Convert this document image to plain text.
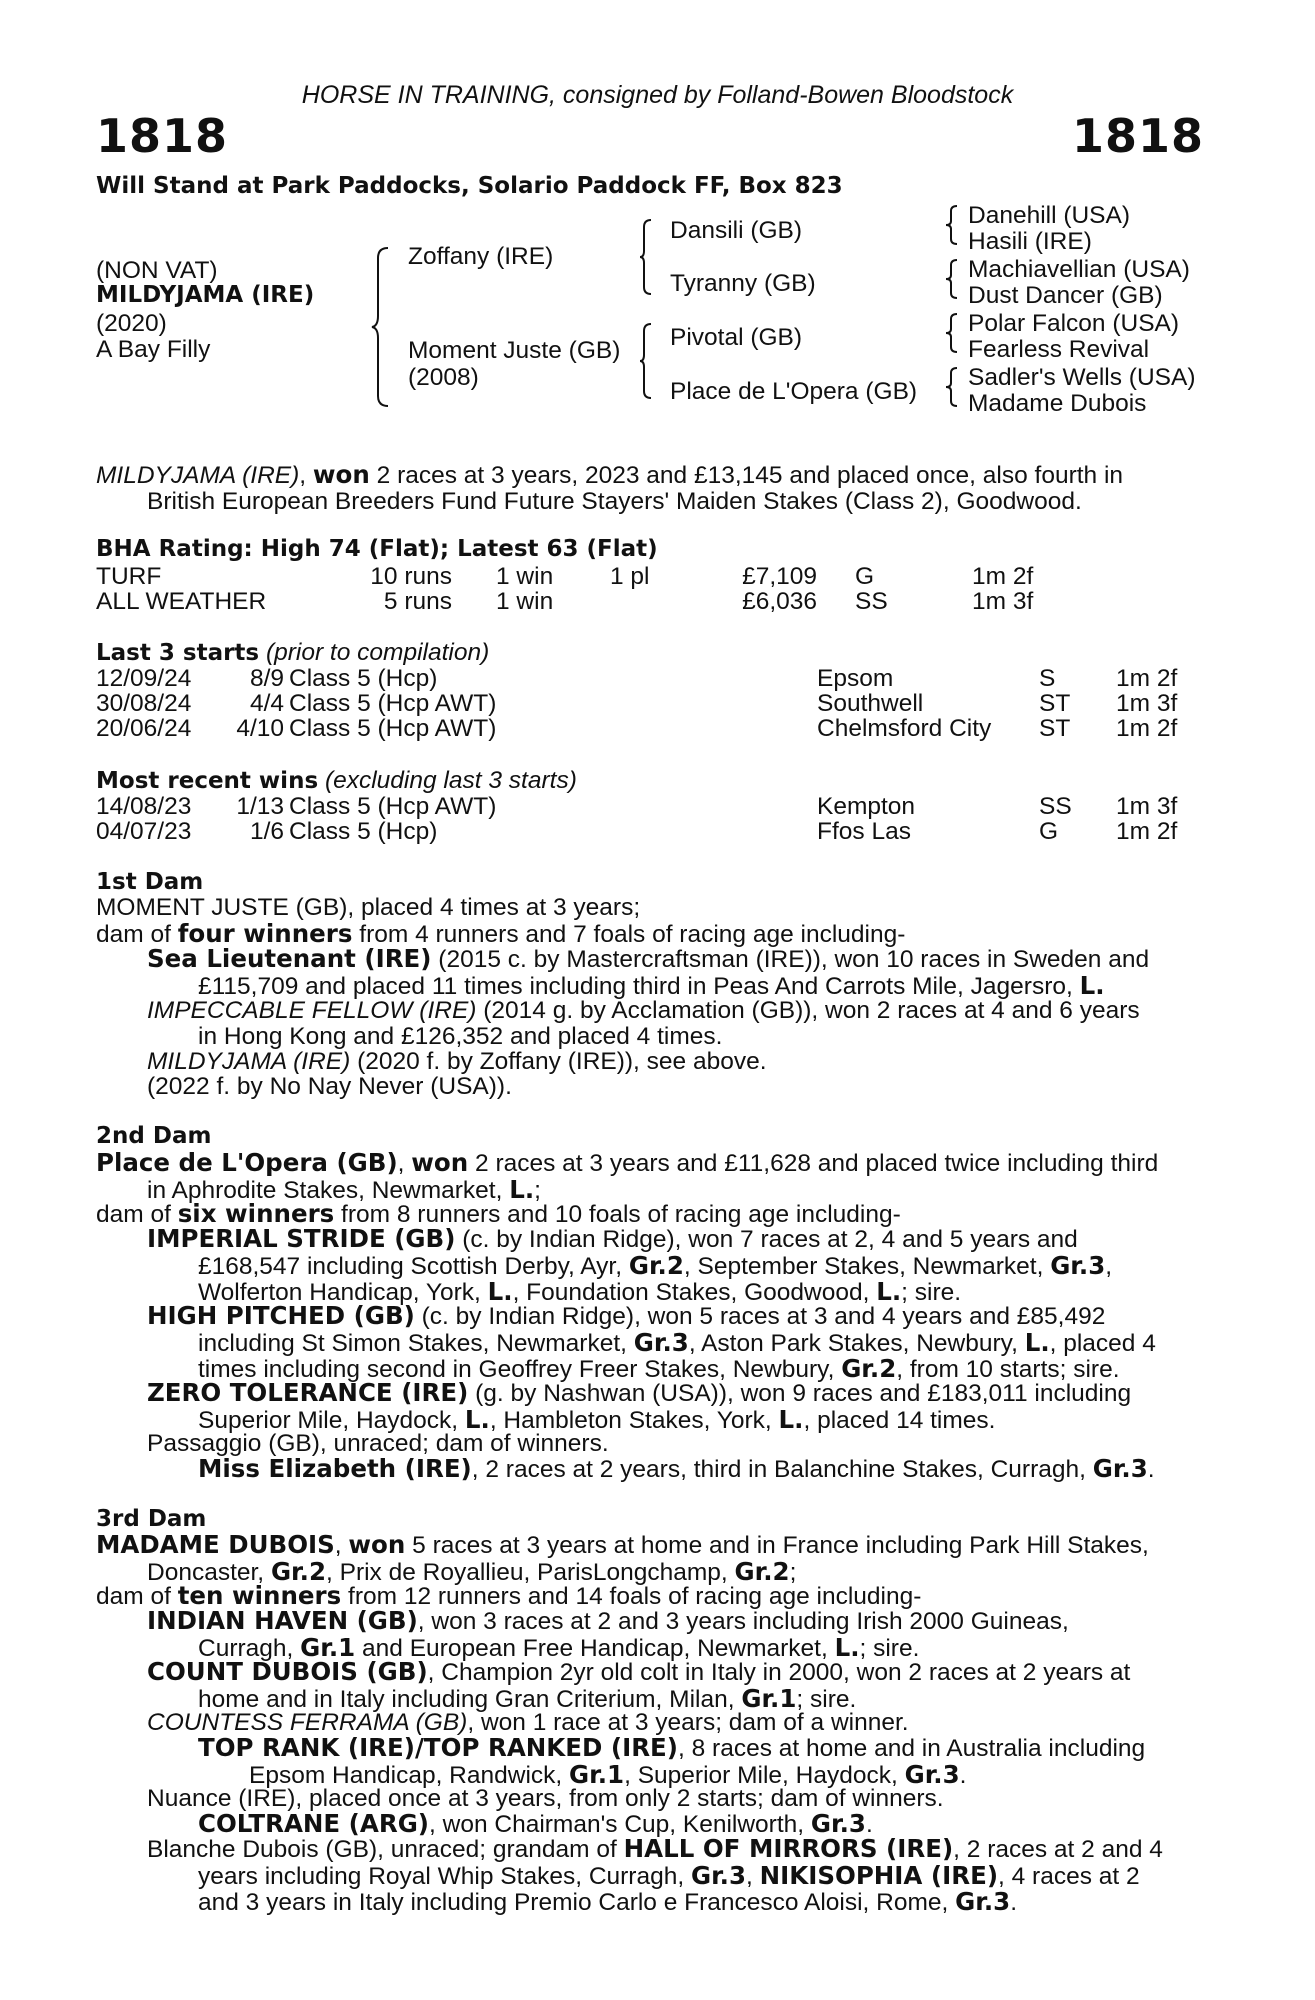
HORSE IN TRAINING, consigned by Folland-Bowen Bloodstock
1818	1818
Will Stand at Park Paddocks, Solario Paddock FF, Box 823
(NON VAT)
MILDYJAMA (IRE)
(2020)
A Bay Filly
Zoffany (IRE)
Moment Juste (GB)
(2008)
Dansili (GB)
Tyranny (GB)
Pivotal (GB)
Place de L'Opera (GB)
Danehill (USA)
Hasili (IRE)
Machiavellian (USA)
Dust Dancer (GB)
Polar Falcon (USA)
Fearless Revival
Sadler's Wells (USA)
Madame Dubois
MILDYJAMA (IRE), won 2 races at 3 years, 2023 and £13,145 and placed once, also fourth in
British European Breeders Fund Future Stayers' Maiden Stakes (Class 2), Goodwood.
BHA Rating: High 74 (Flat); Latest 63 (Flat)
TURF	10 runs 1 win 1 pl	£7,109 G	1m 2f
ALL WEATHER	5 runs 1 win	£6,036 SS	1m 3f
Last 3 starts (prior to compilation)
12/09/24	8/9 Class 5 (Hcp)	Epsom	S 1m 2f
30/08/24	4/4 Class 5 (Hcp AWT)	Southwell	ST 1m 3f
20/06/24	4/10 Class 5 (Hcp AWT)	Chelmsford City ST 1m 2f
Most recent wins (excluding last 3 starts)
14/08/23	1/13 Class 5 (Hcp AWT)	Kempton	SS 1m 3f
04/07/23	1/6 Class 5 (Hcp)	Ffos Las	G 1m 2f
1st Dam
MOMENT JUSTE (GB), placed 4 times at 3 years;
dam of four winners from 4 runners and 7 foals of racing age including-
Sea Lieutenant (IRE) (2015 c. by Mastercraftsman (IRE)), won 10 races in Sweden and
£115,709 and placed 11 times including third in Peas And Carrots Mile, Jagersro, L.
IMPECCABLE FELLOW (IRE) (2014 g. by Acclamation (GB)), won 2 races at 4 and 6 years
in Hong Kong and £126,352 and placed 4 times.
MILDYJAMA (IRE) (2020 f. by Zoffany (IRE)), see above.
(2022 f. by No Nay Never (USA)).
2nd Dam
Place de L'Opera (GB), won 2 races at 3 years and £11,628 and placed twice including third
in Aphrodite Stakes, Newmarket, L.;
dam of six winners from 8 runners and 10 foals of racing age including-
IMPERIAL STRIDE (GB) (c. by Indian Ridge), won 7 races at 2, 4 and 5 years and
£168,547 including Scottish Derby, Ayr, Gr.2, September Stakes, Newmarket, Gr.3,
Wolferton Handicap, York, L., Foundation Stakes, Goodwood, L.; sire.
HIGH PITCHED (GB) (c. by Indian Ridge), won 5 races at 3 and 4 years and £85,492
including St Simon Stakes, Newmarket, Gr.3, Aston Park Stakes, Newbury, L., placed 4
times including second in Geoffrey Freer Stakes, Newbury, Gr.2, from 10 starts; sire.
ZERO TOLERANCE (IRE) (g. by Nashwan (USA)), won 9 races and £183,011 including
Superior Mile, Haydock, L., Hambleton Stakes, York, L., placed 14 times.
Passaggio (GB), unraced; dam of winners.
Miss Elizabeth (IRE), 2 races at 2 years, third in Balanchine Stakes, Curragh, Gr.3.
3rd Dam
MADAME DUBOIS, won 5 races at 3 years at home and in France including Park Hill Stakes,
Doncaster, Gr.2, Prix de Royallieu, ParisLongchamp, Gr.2;
dam of ten winners from 12 runners and 14 foals of racing age including-
INDIAN HAVEN (GB), won 3 races at 2 and 3 years including Irish 2000 Guineas,
Curragh, Gr.1 and European Free Handicap, Newmarket, L.; sire.
COUNT DUBOIS (GB), Champion 2yr old colt in Italy in 2000, won 2 races at 2 years at
home and in Italy including Gran Criterium, Milan, Gr.1; sire.
COUNTESS FERRAMA (GB), won 1 race at 3 years; dam of a winner.
TOP RANK (IRE)/TOP RANKED (IRE), 8 races at home and in Australia including
Epsom Handicap, Randwick, Gr.1, Superior Mile, Haydock, Gr.3.
Nuance (IRE), placed once at 3 years, from only 2 starts; dam of winners.
COLTRANE (ARG), won Chairman's Cup, Kenilworth, Gr.3.
Blanche Dubois (GB), unraced; grandam of HALL OF MIRRORS (IRE), 2 races at 2 and 4
years including Royal Whip Stakes, Curragh, Gr.3, NIKISOPHIA (IRE), 4 races at 2
and 3 years in Italy including Premio Carlo e Francesco Aloisi, Rome, Gr.3.
